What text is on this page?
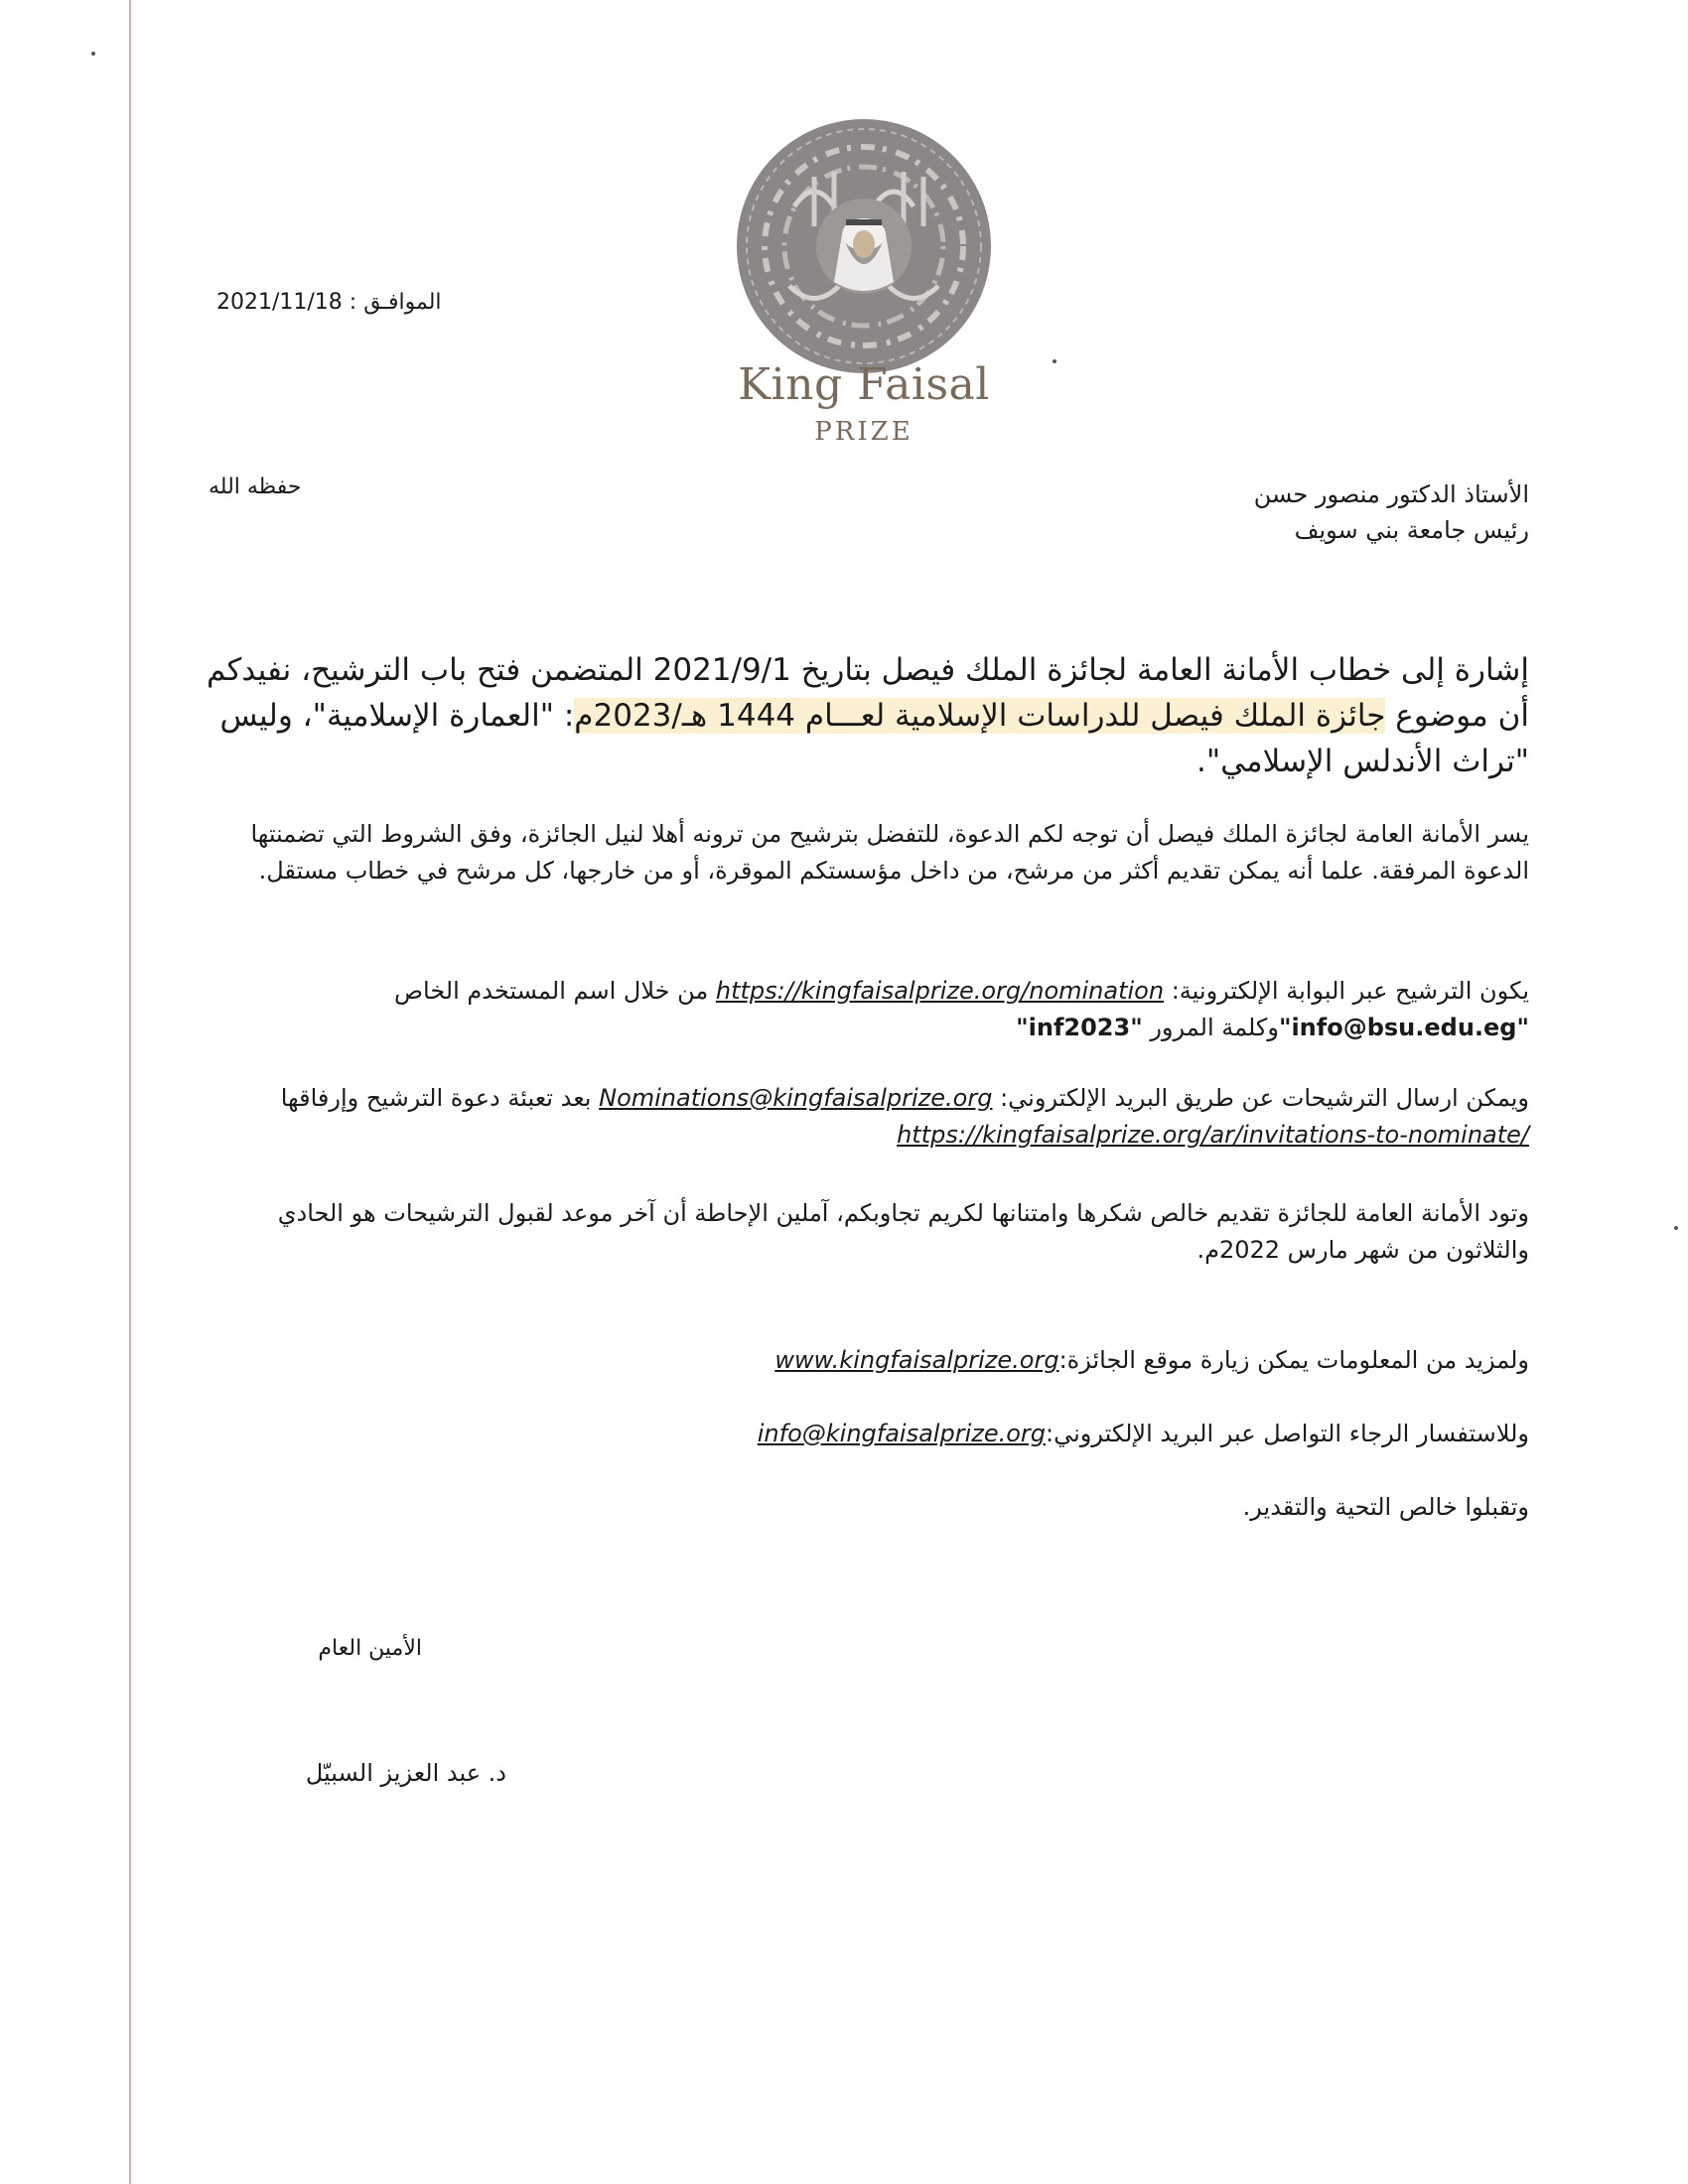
King Faisal
PRIZE
الموافـق : 2021/11/18
حفظه الله	الأستاذ الدكتور منصور حسن
رئيس جامعة بني سويف
إشارة إلى خطاب الأمانة العامة لجائزة الملك فيصل بتاريخ 2021/9/1 المتضمن فتح باب الترشيح، نفيدكم أن موضوع جائزة الملك فيصل للدراسات الإسلامية لعـــام 1444 هـ/2023م: "العمارة الإسلامية"، وليس "تراث الأندلس الإسلامي".
يسر الأمانة العامة لجائزة الملك فيصل أن توجه لكم الدعوة، للتفضل بترشيح من ترونه أهلا لنيل الجائزة، وفق الشروط التي تضمنتها الدعوة المرفقة. علما أنه يمكن تقديم أكثر من مرشح، من داخل مؤسستكم الموقرة، أو من خارجها، كل مرشح في خطاب مستقل.
يكون الترشيح عبر البوابة الإلكترونية: https://kingfaisalprize.org/nomination من خلال اسم المستخدم الخاص "info@bsu.edu.eg"وكلمة المرور "inf2023"
ويمكن ارسال الترشيحات عن طريق البريد الإلكتروني: Nominations@kingfaisalprize.org بعد تعبئة دعوة الترشيح وإرفاقها https://kingfaisalprize.org/ar/invitations-to-nominate/
وتود الأمانة العامة للجائزة تقديم خالص شكرها وامتنانها لكريم تجاوبكم، آملين الإحاطة أن آخر موعد لقبول الترشيحات هو الحادي والثلاثون من شهر مارس 2022م.
ولمزيد من المعلومات يمكن زيارة موقع الجائزة:www.kingfaisalprize.org
وللاستفسار الرجاء التواصل عبر البريد الإلكتروني:info@kingfaisalprize.org
وتقبلوا خالص التحية والتقدير.
الأمين العام
د. عبد العزيز السبيّل
